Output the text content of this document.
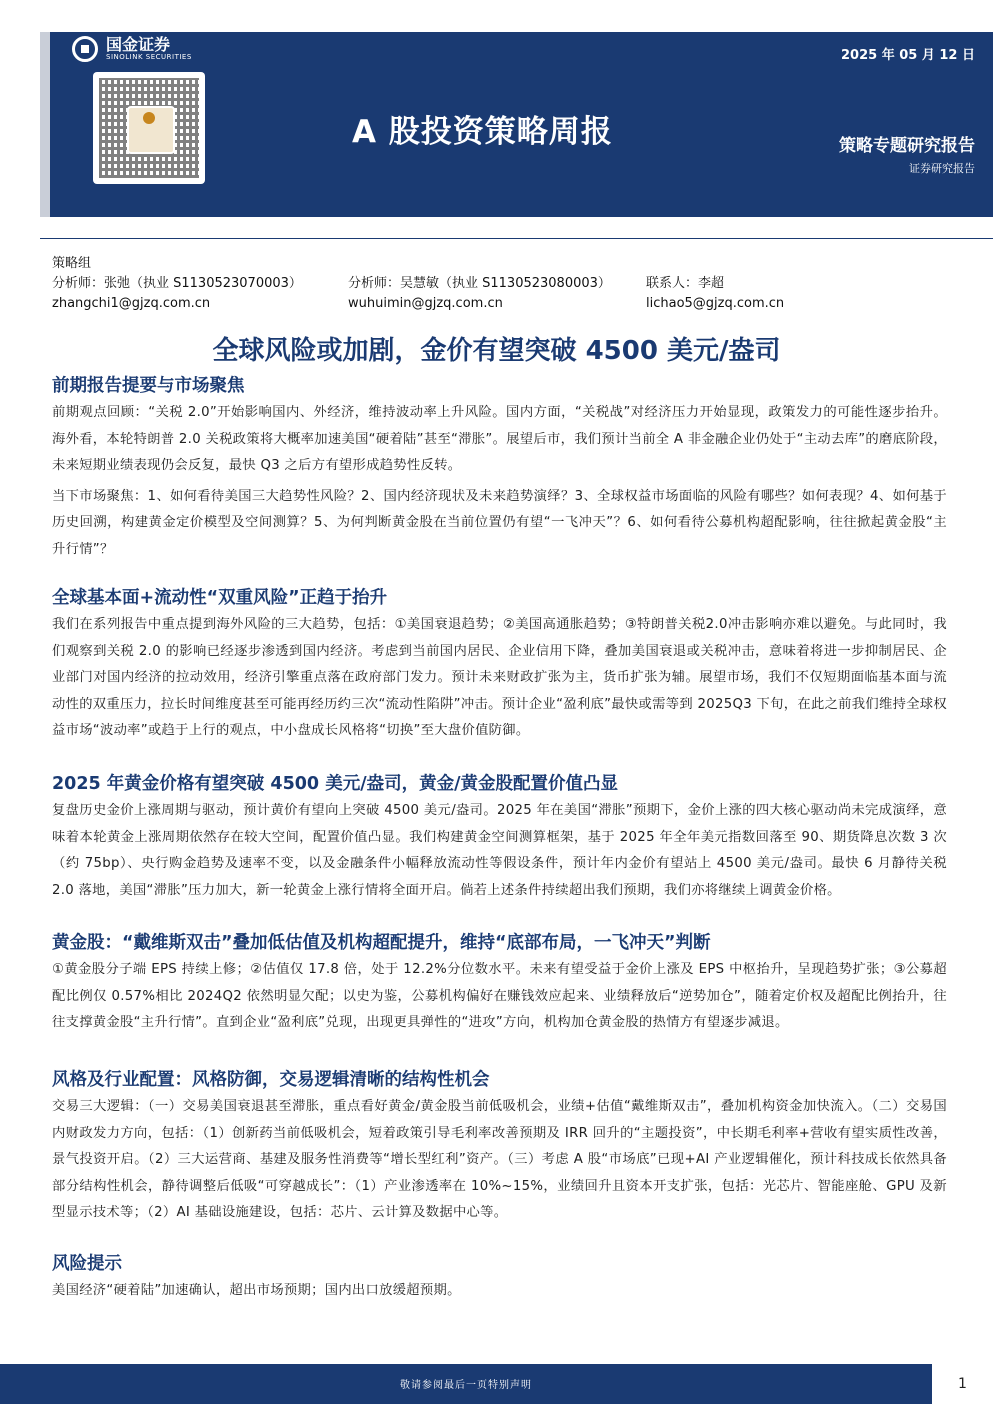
国金证券
SINOLINK SECURITIES	2025 年 05 月 12 日
A 股投资策略周报	策略专题研究报告
证券研究报告
策略组
分析师：张弛（执业 S1130523070003）
zhangchi1@gjzq.com.cn
分析师：吴慧敏（执业 S1130523080003）
wuhuimin@gjzq.com.cn
联系人：李超
lichao5@gjzq.com.cn
全球风险或加剧，金价有望突破 4500 美元/盎司
前期报告提要与市场聚焦

前期观点回顾：“关税 2.0”开始影响国内、外经济，维持波动率上升风险。国内方面，“关税战”对经济压力开始显现，政策发力的可能性逐步抬升。海外看，本轮特朗普 2.0 关税政策将大概率加速美国“硬着陆”甚至“滞胀”。展望后市，我们预计当前全 A 非金融企业仍处于“主动去库”的磨底阶段，未来短期业绩表现仍会反复，最快 Q3 之后方有望形成趋势性反转。

当下市场聚焦：1、如何看待美国三大趋势性风险？2、国内经济现状及未来趋势演绎？3、全球权益市场面临的风险有哪些？如何表现？4、如何基于历史回溯，构建黄金定价模型及空间测算？5、为何判断黄金股在当前位置仍有望“一飞冲天”？6、如何看待公募机构超配影响，往往掀起黄金股“主升行情”？

全球基本面+流动性“双重风险”正趋于抬升

我们在系列报告中重点提到海外风险的三大趋势，包括：①美国衰退趋势；②美国高通胀趋势；③特朗普关税2.0冲击影响亦难以避免。与此同时，我们观察到关税 2.0 的影响已经逐步渗透到国内经济。考虑到当前国内居民、企业信用下降，叠加美国衰退或关税冲击，意味着将进一步抑制居民、企业部门对国内经济的拉动效用，经济引擎重点落在政府部门发力。预计未来财政扩张为主，货币扩张为辅。展望市场，我们不仅短期面临基本面与流动性的双重压力，拉长时间维度甚至可能再经历约三次“流动性陷阱”冲击。预计企业“盈利底”最快或需等到 2025Q3 下旬，在此之前我们维持全球权益市场“波动率”或趋于上行的观点，中小盘成长风格将“切换”至大盘价值防御。

2025 年黄金价格有望突破 4500 美元/盎司，黄金/黄金股配置价值凸显

复盘历史金价上涨周期与驱动，预计黄价有望向上突破 4500 美元/盎司。2025 年在美国“滞胀”预期下，金价上涨的四大核心驱动尚未完成演绎，意味着本轮黄金上涨周期依然存在较大空间，配置价值凸显。我们构建黄金空间测算框架，基于 2025 年全年美元指数回落至 90、期货降息次数 3 次（约 75bp）、央行购金趋势及速率不变，以及金融条件小幅释放流动性等假设条件，预计年内金价有望站上 4500 美元/盎司。最快 6 月静待关税 2.0 落地，美国“滞胀”压力加大，新一轮黄金上涨行情将全面开启。倘若上述条件持续超出我们预期，我们亦将继续上调黄金价格。

黄金股：“戴维斯双击”叠加低估值及机构超配提升，维持“底部布局，一飞冲天”判断

①黄金股分子端 EPS 持续上修；②估值仅 17.8 倍，处于 12.2%分位数水平。未来有望受益于金价上涨及 EPS 中枢抬升，呈现趋势扩张；③公募超配比例仅 0.57%相比 2024Q2 依然明显欠配；以史为鉴，公募机构偏好在赚钱效应起来、业绩释放后“逆势加仓”，随着定价权及超配比例抬升，往往支撑黄金股“主升行情”。直到企业“盈利底”兑现，出现更具弹性的“进攻”方向，机构加仓黄金股的热情方有望逐步减退。

风格及行业配置：风格防御，交易逻辑清晰的结构性机会

交易三大逻辑：（一）交易美国衰退甚至滞胀，重点看好黄金/黄金股当前低吸机会，业绩+估值“戴维斯双击”，叠加机构资金加快流入。（二）交易国内财政发力方向，包括：（1）创新药当前低吸机会，短着政策引导毛利率改善预期及 IRR 回升的“主题投资”，中长期毛利率+营收有望实质性改善，景气投资开启。（2）三大运营商、基建及服务性消费等“增长型红利”资产。（三）考虑 A 股“市场底”已现+AI 产业逻辑催化，预计科技成长依然具备部分结构性机会，静待调整后低吸“可穿越成长”：（1）产业渗透率在 10%~15%，业绩回升且资本开支扩张，包括：光芯片、智能座舱、GPU 及新型显示技术等；（2）AI 基础设施建设，包括：芯片、云计算及数据中心等。

风险提示

美国经济“硬着陆”加速确认，超出市场预期；国内出口放缓超预期。

敬请参阅最后一页特别声明	1
